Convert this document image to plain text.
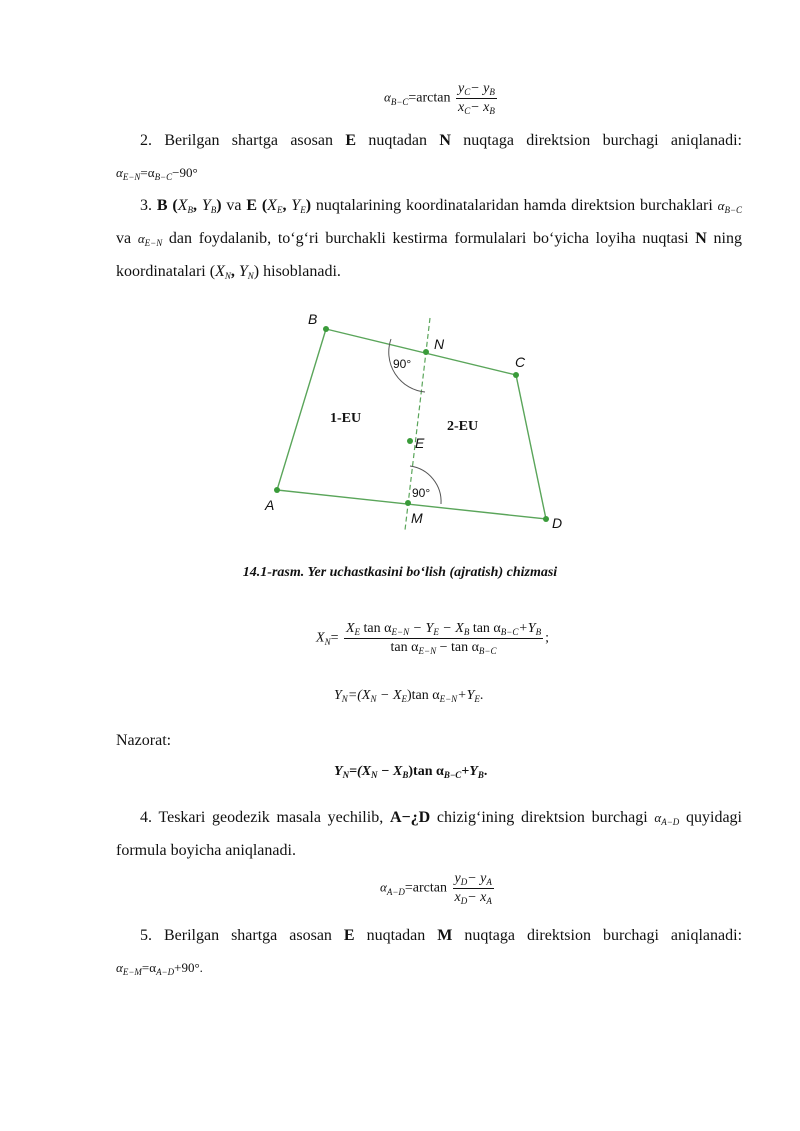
$\alpha_{B-C}=\arctan \frac{y_C- y_B}{x_C- x_B}$
2. Berilgan shartga asosan E nuqtadan N nuqtaga direktsion burchagi aniqlanadi: αE−N=αB−C−90°
3. B (XB, YB) va E (XE, YE) nuqtalarining koordinatalaridan hamda direktsion burchaklari αB−C va αE−N dan foydalanib, to‘g‘ri burchakli kestirma formulalari bo‘yicha loyiha nuqtasi N ning koordinatalari (XN, YN) hisoblanadi.
B
N
C
A
M	D
E
90°
90°
1-EU
2-EU
14.1-rasm. Yer uchastkasini bo‘lish (ajratish) chizmasi
$X_N= \frac{X_E \tan \alpha_{E-N} - Y_E - X_B \tan \alpha_{B-C}+Y_B}{\tan \alpha_{E-N} - \tan \alpha_{B-C}}$ ;
$Y_N=(X_N - X_E)\tan$ $\alpha_{E-N}+Y_E$.
Nazorat:
$Y_N=(X_N - X_B)\tan$ $\alpha_{B-C}+Y_B$.
4. Teskari geodezik masala yechilib, A−¿D chizig‘ining direktsion burchagi αA−D quyidagi formula boyicha aniqlanadi.
$\alpha_{A-D}=\arctan \frac{y_D- y_A}{x_D- x_A}$
5. Berilgan shartga asosan E nuqtadan M nuqtaga direktsion burchagi aniqlanadi: αE−M=αA−D+90°.
